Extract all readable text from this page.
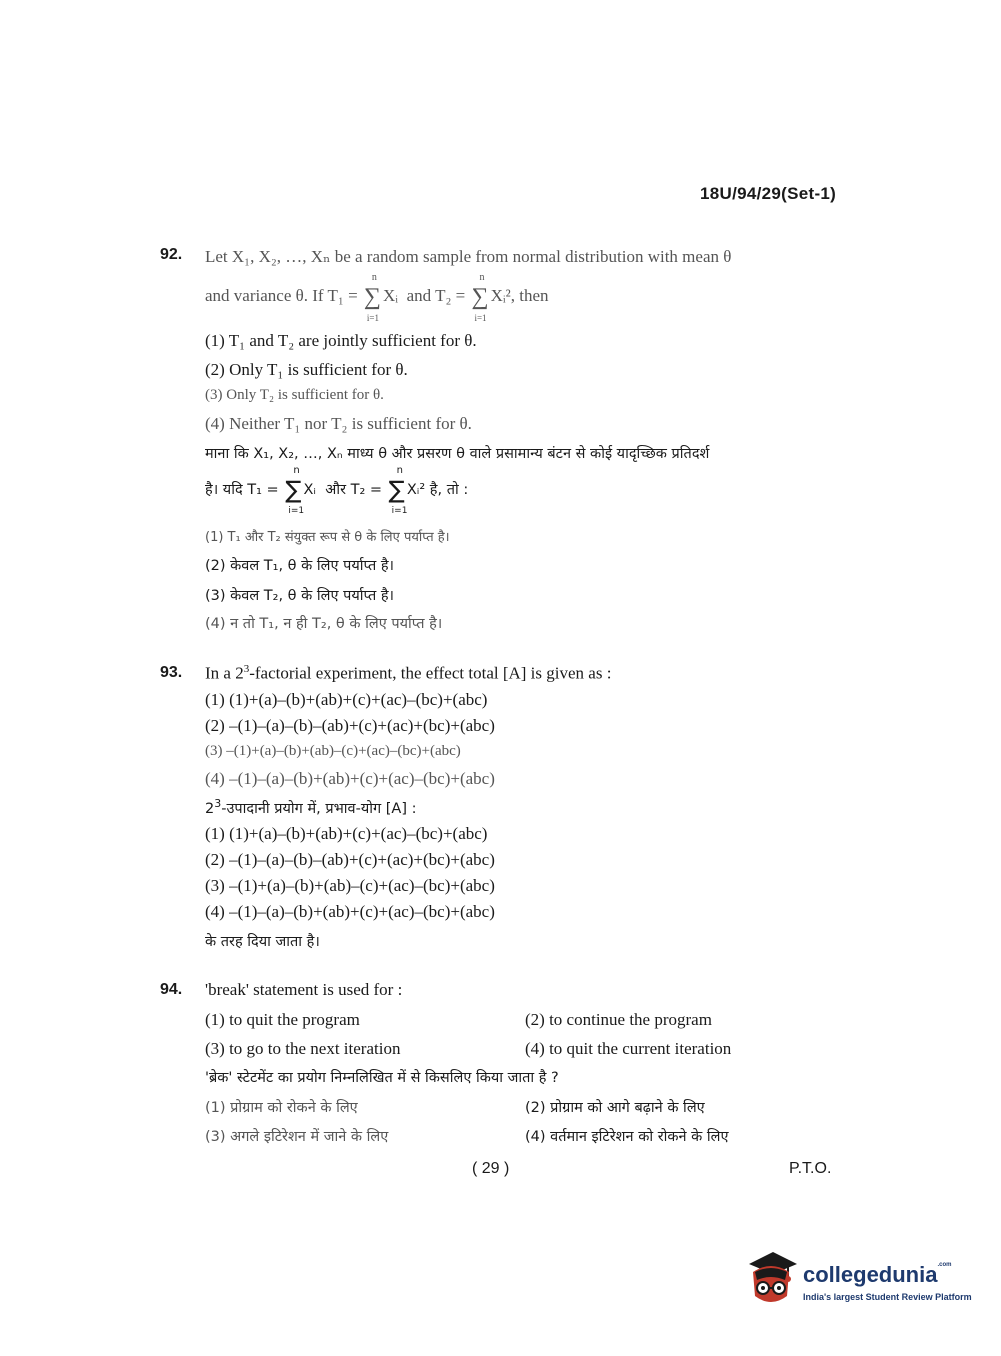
18U/94/29(Set-1)
92. Let X₁, X₂, …, Xₙ be a random sample from normal distribution with mean θ
and variance θ. If T₁ = ∑
n
i=1
Xᵢ and T₂ = ∑
n
i=1
Xᵢ², then
(1) T₁ and T₂ are jointly sufficient for θ.
(2) Only T₁ is sufficient for θ.
(3) Only T₂ is sufficient for θ.
(4) Neither T₁ nor T₂ is sufficient for θ.
माना कि X₁, X₂, …, Xₙ माध्य θ और प्रसरण θ वाले प्रसामान्य बंटन से कोई यादृच्छिक प्रतिदर्श
है। यदि T₁ = ∑
n
i=1
Xᵢ और T₂ = ∑
n
i=1
Xᵢ² है, तो :
(1) T₁ और T₂ संयुक्त रूप से θ के लिए पर्याप्त है।
(2) केवल T₁, θ के लिए पर्याप्त है।
(3) केवल T₂, θ के लिए पर्याप्त है।
(4) न तो T₁, न ही T₂, θ के लिए पर्याप्त है।
93. In a $2^3$-factorial experiment, the effect total [A] is given as :
(1) (1)+(a)–(b)+(ab)+(c)+(ac)–(bc)+(abc)
(2) –(1)–(a)–(b)–(ab)+(c)+(ac)+(bc)+(abc)
(3) –(1)+(a)–(b)+(ab)–(c)+(ac)–(bc)+(abc)
(4) –(1)–(a)–(b)+(ab)+(c)+(ac)–(bc)+(abc)
$2^3-उपादानी$ प्रयोग में, प्रभाव-योग [A] :
(1) (1)+(a)–(b)+(ab)+(c)+(ac)–(bc)+(abc)
(2) –(1)–(a)–(b)–(ab)+(c)+(ac)+(bc)+(abc)
(3) –(1)+(a)–(b)+(ab)–(c)+(ac)–(bc)+(abc)
(4) –(1)–(a)–(b)+(ab)+(c)+(ac)–(bc)+(abc)
के तरह दिया जाता है।
94. 'break' statement is used for :
(1) to quit the program	(2) to continue the program
(3) to go to the next iteration	(4) to quit the current iteration
'ब्रेक' स्टेटमेंट का प्रयोग निम्नलिखित में से किसलिए किया जाता है ?
(1) प्रोग्राम को रोकने के लिए	(2) प्रोग्राम को आगे बढ़ाने के लिए
(3) अगले इटिरेशन में जाने के लिए	(4) वर्तमान इटिरेशन को रोकने के लिए
( 29 )	P.T.O.
collegedunia$^{.com}$
India's largest Student Review Platform
